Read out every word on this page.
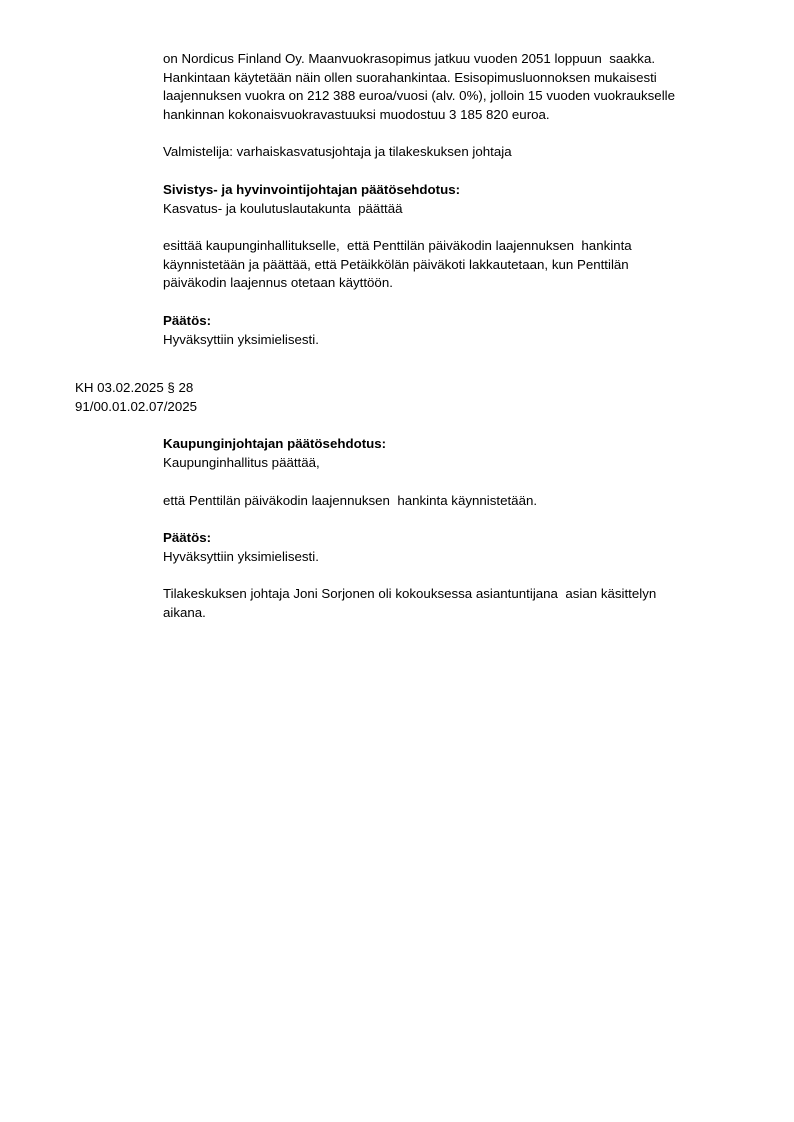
on Nordicus Finland Oy. Maanvuokrasopimus jatkuu vuoden 2051 loppuun  saakka.
Hankintaan käytetään näin ollen suorahankintaa. Esisopimusluonnoksen mukaisesti
laajennuksen vuokra on 212 388 euroa/vuosi (alv. 0%), jolloin 15 vuoden vuokraukselle
hankinnan kokonaisvuokravastuuksi muodostuu 3 185 820 euroa.
Valmistelija: varhaiskasvatusjohtaja ja tilakeskuksen johtaja
Sivistys- ja hyvinvointijohtajan päätösehdotus:
Kasvatus- ja koulutuslautakunta  päättää
esittää kaupunginhallitukselle,  että Penttilän päiväkodin laajennuksen  hankinta
käynnistetään ja päättää, että Petäikkölän päiväkoti lakkautetaan, kun Penttilän
päiväkodin laajennus otetaan käyttöön.
Päätös:
Hyväksyttiin yksimielisesti.
KH 03.02.2025 § 28
91/00.01.02.07/2025
Kaupunginjohtajan päätösehdotus:
Kaupunginhallitus päättää,
että Penttilän päiväkodin laajennuksen  hankinta käynnistetään.
Päätös:
Hyväksyttiin yksimielisesti.
Tilakeskuksen johtaja Joni Sorjonen oli kokouksessa asiantuntijana  asian käsittelyn
aikana.
